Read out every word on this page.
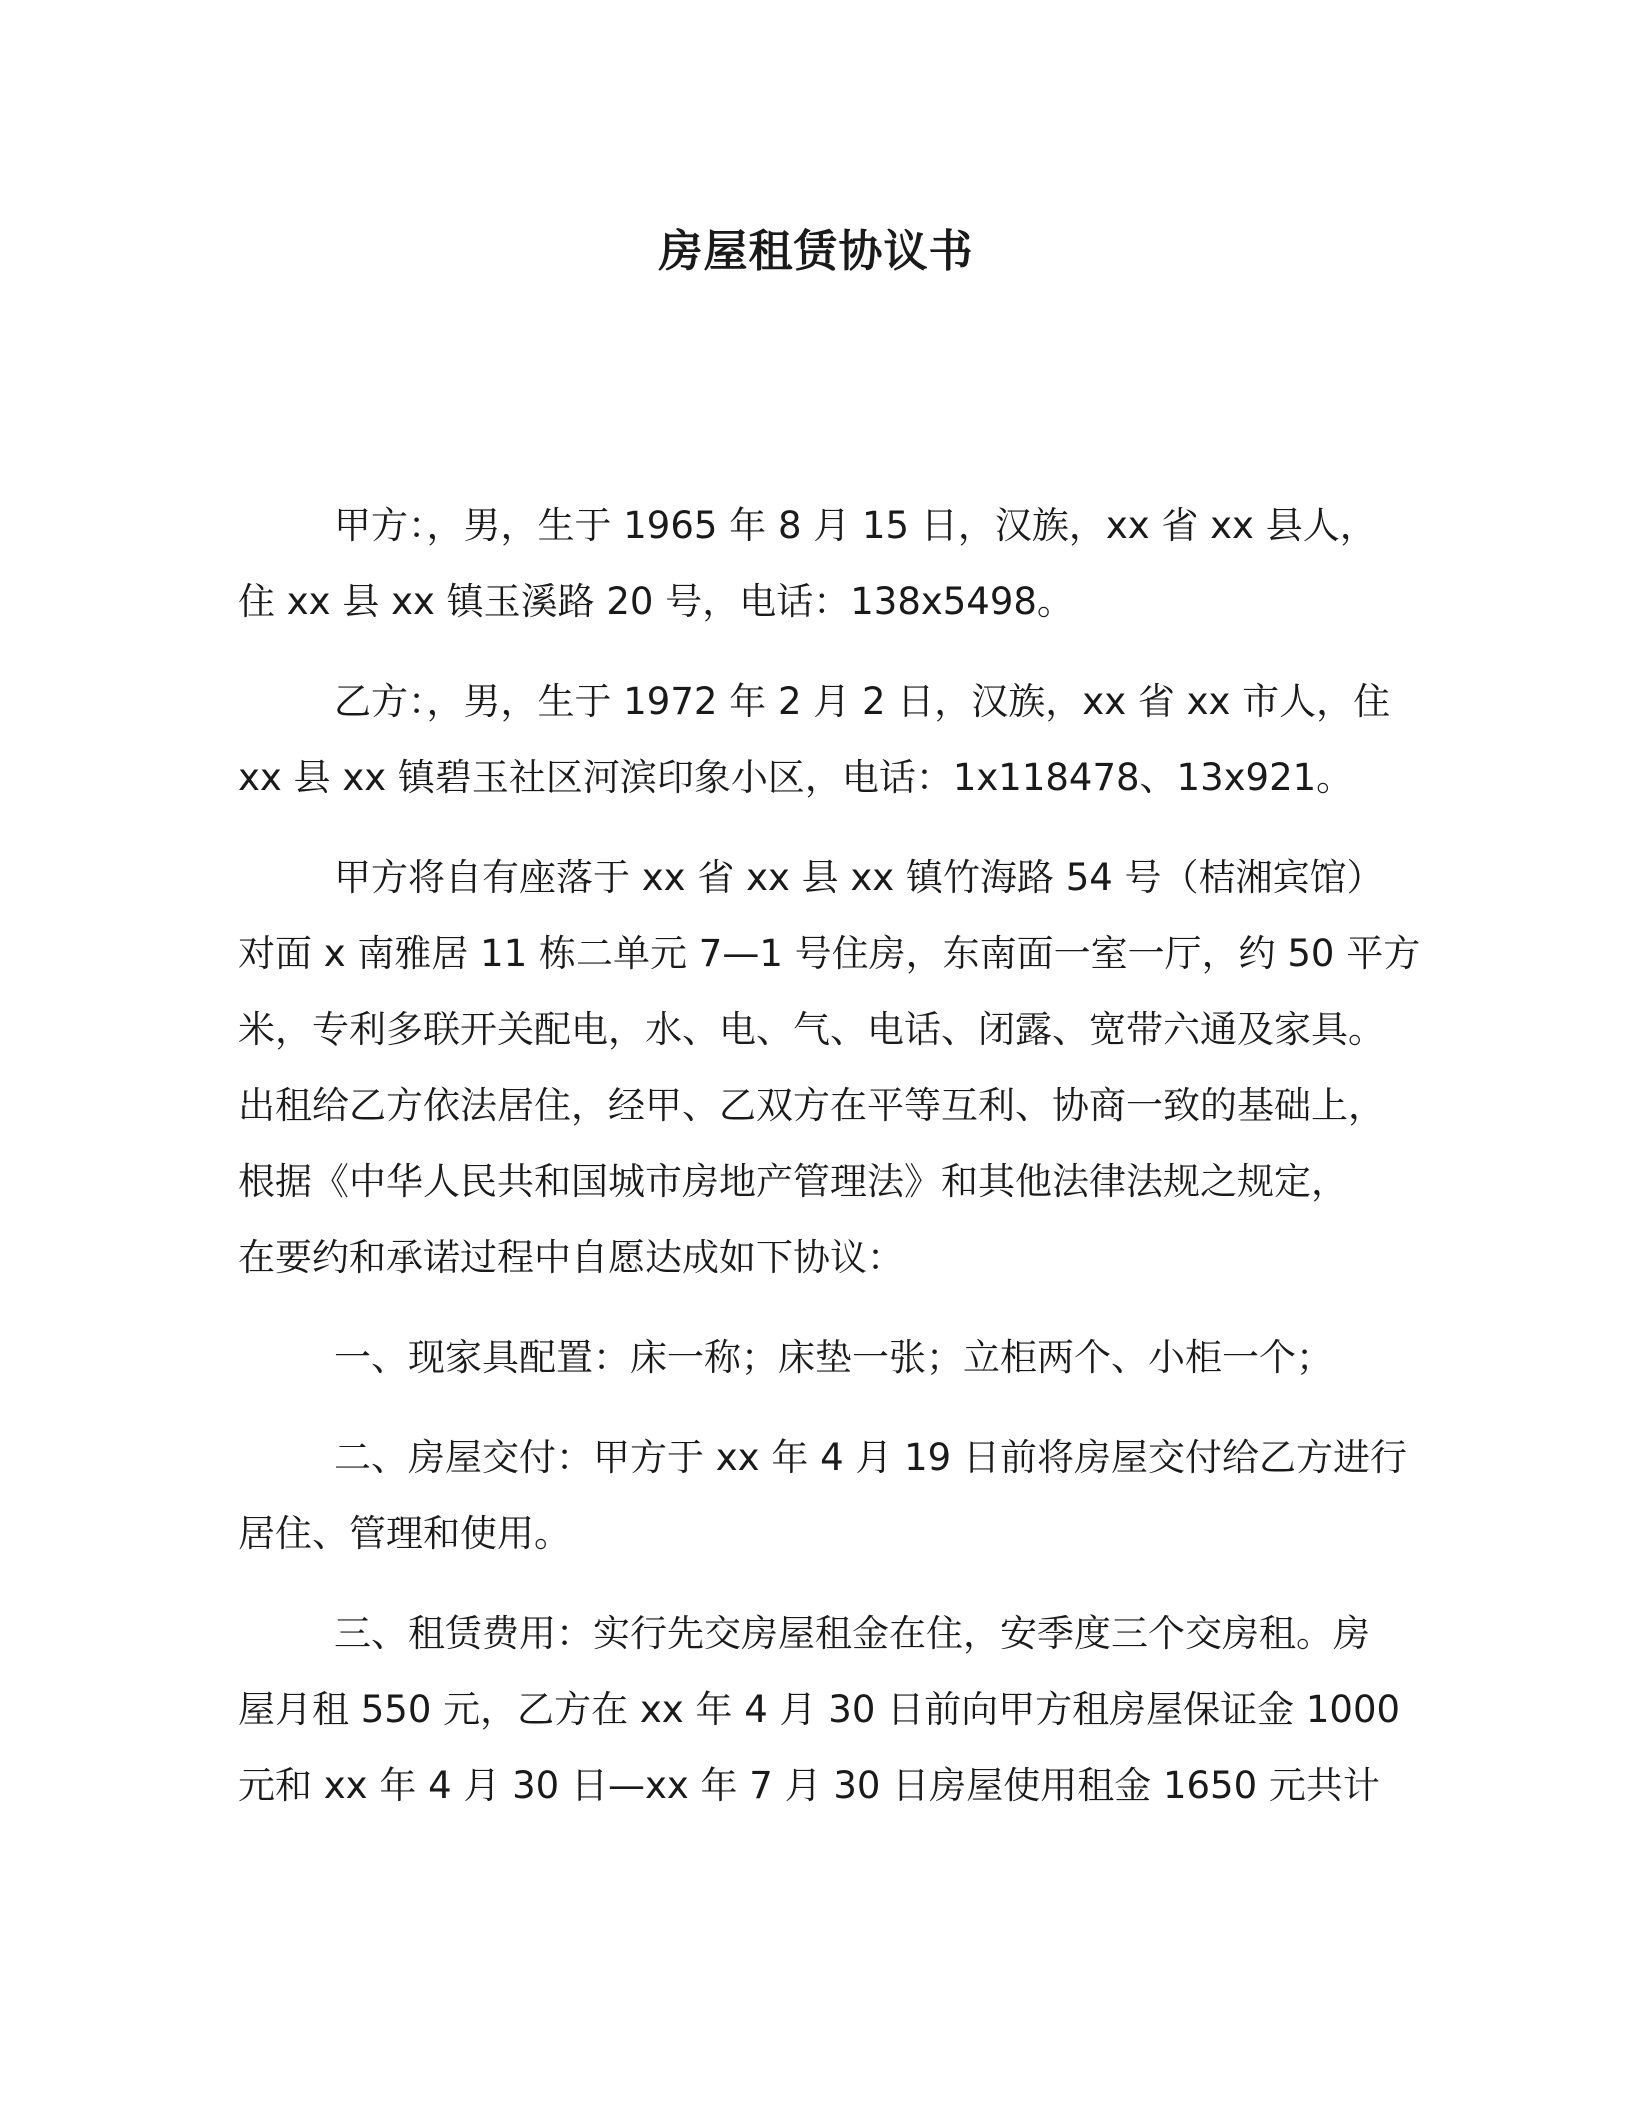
房屋租赁协议书
甲方：，男，生于 1965 年 8 月 15 日，汉族，xx 省 xx 县人，
住 xx 县 xx 镇玉溪路 20 号，电话：138x5498。
乙方：，男，生于 1972 年 2 月 2 日，汉族，xx 省 xx 市人，住
xx 县 xx 镇碧玉社区河滨印象小区，电话：1x118478、13x921。
甲方将自有座落于 xx 省 xx 县 xx 镇竹海路 54 号（桔湘宾馆）
对面 x 南雅居 11 栋二单元 7—1 号住房，东南面一室一厅，约 50 平方
米，专利多联开关配电，水、电、气、电话、闭露、宽带六通及家具。
出租给乙方依法居住，经甲、乙双方在平等互利、协商一致的基础上，
根据《中华人民共和国城市房地产管理法》和其他法律法规之规定，
在要约和承诺过程中自愿达成如下协议：
一、现家具配置：床一称；床垫一张；立柜两个、小柜一个；
二、房屋交付：甲方于 xx 年 4 月 19 日前将房屋交付给乙方进行
居住、管理和使用。
三、租赁费用：实行先交房屋租金在住，安季度三个交房租。房
屋月租 550 元，乙方在 xx 年 4 月 30 日前向甲方租房屋保证金 1000
元和 xx 年 4 月 30 日—xx 年 7 月 30 日房屋使用租金 1650 元共计
